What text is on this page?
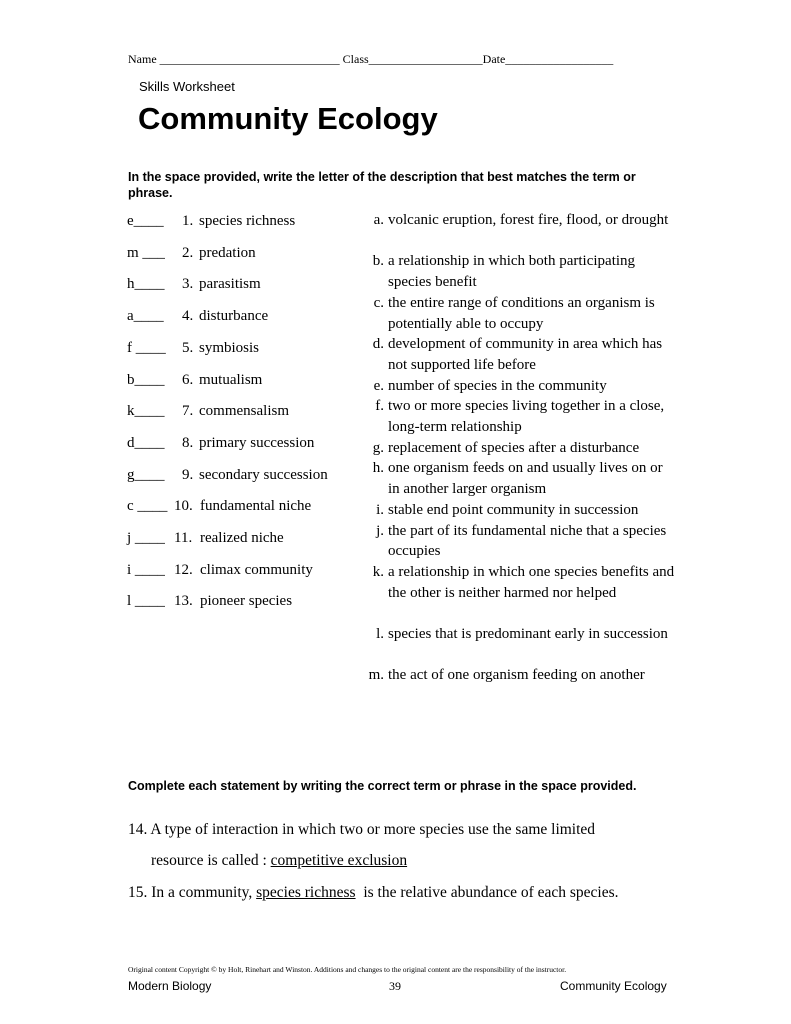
Name ______________________________ Class___________________Date__________________
Skills Worksheet
Community Ecology
In the space provided, write the letter of the description that best matches the term or phrase.
e____ 1. species richness
m ___ 2. predation
h____ 3. parasitism
a____ 4. disturbance
f ____ 5. symbiosis
b____ 6. mutualism
k____ 7. commensalism
d____ 8. primary succession
g____ 9. secondary succession
c ____ 10. fundamental niche
j ____ 11. realized niche
i ____ 12. climax community
l ____ 13. pioneer species
a. volcanic eruption, forest fire, flood, or drought
b. a relationship in which both participating species benefit
c. the entire range of conditions an organism is potentially able to occupy
d. development of community in area which has not supported life before
e. number of species in the community
f. two or more species living together in a close, long-term relationship
g. replacement of species after a disturbance
h. one organism feeds on and usually lives on or in another larger organism
i. stable end point community in succession
j. the part of its fundamental niche that a species occupies
k. a relationship in which one species benefits and the other is neither harmed nor helped
l. species that is predominant early in succession
m. the act of one organism feeding on another
Complete each statement by writing the correct term or phrase in the space provided.
14. A type of interaction in which two or more species use the same limited
resource is called : competitive exclusion
15. In a community, species richness  is the relative abundance of each species.
Original content Copyright © by Holt, Rinehart and Winston. Additions and changes to the original content are the responsibility of the instructor.
Modern Biology	39	Community Ecology
